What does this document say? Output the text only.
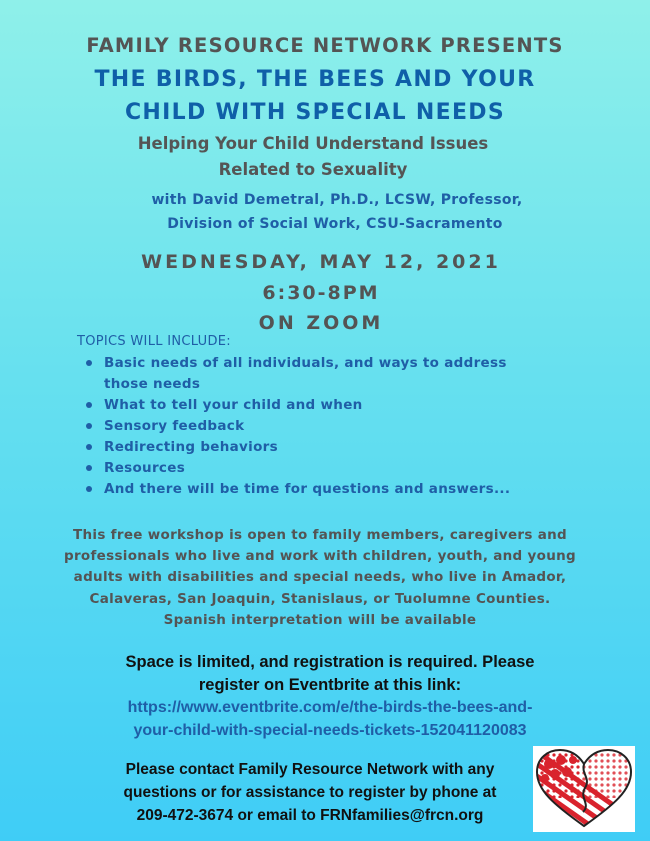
FAMILY RESOURCE NETWORK PRESENTS
THE BIRDS, THE BEES AND YOUR
CHILD WITH SPECIAL NEEDS
Helping Your Child Understand Issues
Related to Sexuality
with David Demetral, Ph.D., LCSW, Professor,
Division of Social Work, CSU-Sacramento
WEDNESDAY, MAY 12, 2021
6:30-8PM
ON ZOOM
TOPICS WILL INCLUDE:
Basic needs of all individuals, and ways to address those needs
What to tell your child and when
Sensory feedback
Redirecting behaviors
Resources
And there will be time for questions and answers...
This free workshop is open to family members, caregivers and
professionals who live and work with children, youth, and young
adults with disabilities and special needs, who live in Amador,
Calaveras, San Joaquin, Stanislaus, or Tuolumne Counties.
Spanish interpretation will be available
Space is limited, and registration is required. Please
register on Eventbrite at this link:
https://www.eventbrite.com/e/the-birds-the-bees-and-
your-child-with-special-needs-tickets-152041120083
Please contact Family Resource Network with any
questions or for assistance to register by phone at
209-472-3674 or email to FRNfamilies@frcn.org
